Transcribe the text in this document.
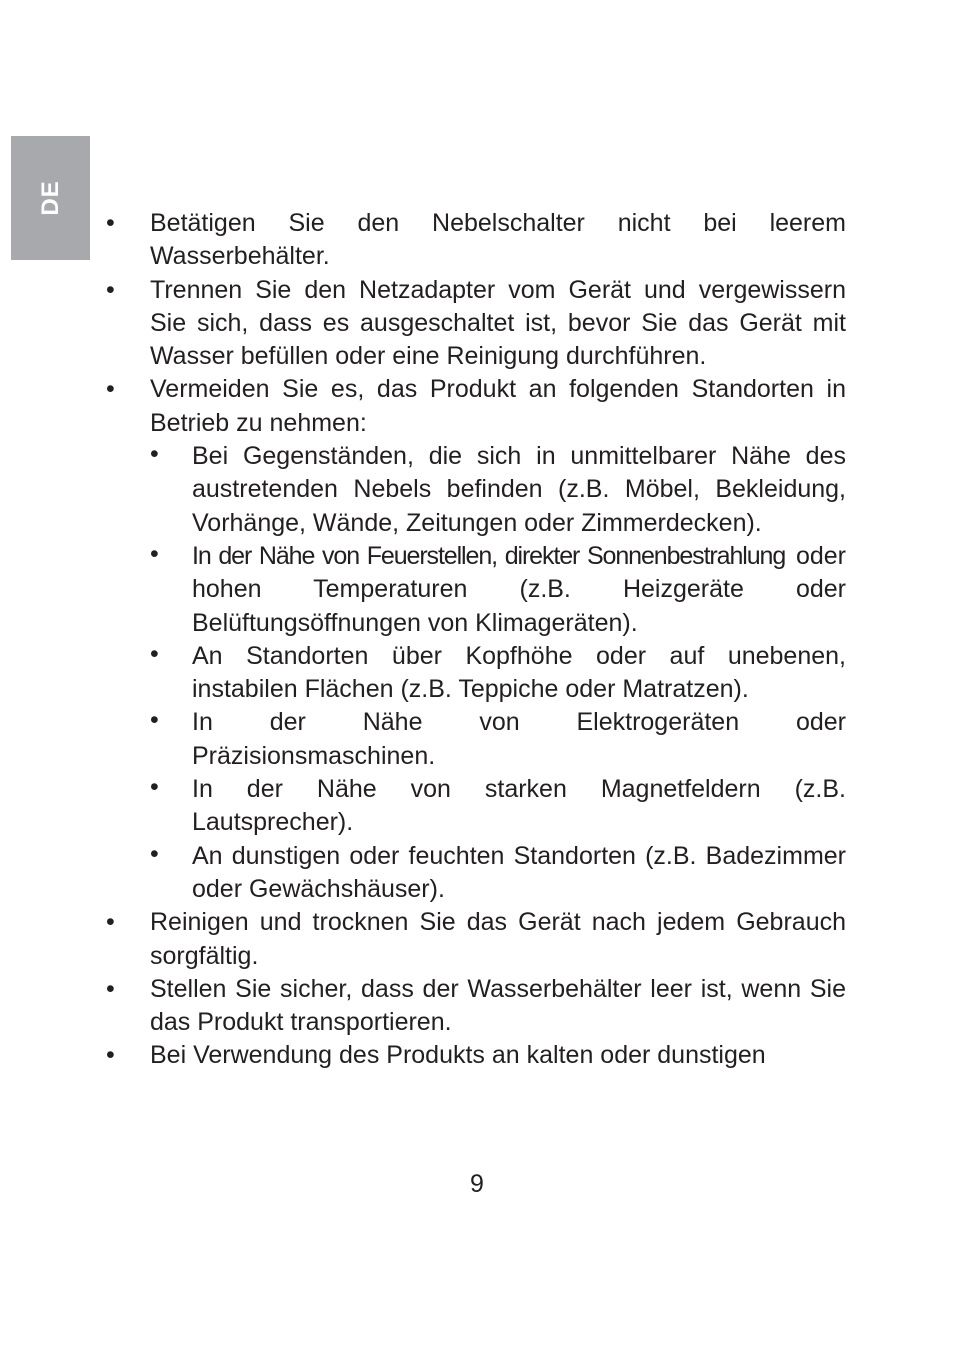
DE
• Betätigen Sie den Nebelschalter nicht bei leerem Wasserbehälter.
• Trennen Sie den Netzadapter vom Gerät und vergewissern Sie sich, dass es ausgeschaltet ist, bevor Sie das Gerät mit Wasser befüllen oder eine Reinigung durchführen.
• Vermeiden Sie es, das Produkt an folgenden Standorten in Betrieb zu nehmen:
• Bei Gegenständen, die sich in unmittelbarer Nähe des austretenden Nebels befinden (z.B. Möbel, Bekleidung, Vorhänge, Wände, Zeitungen oder Zimmerdecken).
• In der Nähe von Feuerstellen, direkter Sonnenbestrahlung oder hohen Temperaturen (z.B. Heizgeräte oder Belüftungsöffnungen von Klimageräten).
• An Standorten über Kopfhöhe oder auf unebenen, instabilen Flächen (z.B. Teppiche oder Matratzen).
• In der Nähe von Elektrogeräten oder Präzisionsmaschinen.
• In der Nähe von starken Magnetfeldern (z.B. Lautsprecher).
• An dunstigen oder feuchten Standorten (z.B. Badezimmer oder Gewächshäuser).
• Reinigen und trocknen Sie das Gerät nach jedem Gebrauch sorgfältig.
• Stellen Sie sicher, dass der Wasserbehälter leer ist, wenn Sie das Produkt transportieren.
• Bei Verwendung des Produkts an kalten oder dunstigen
9
